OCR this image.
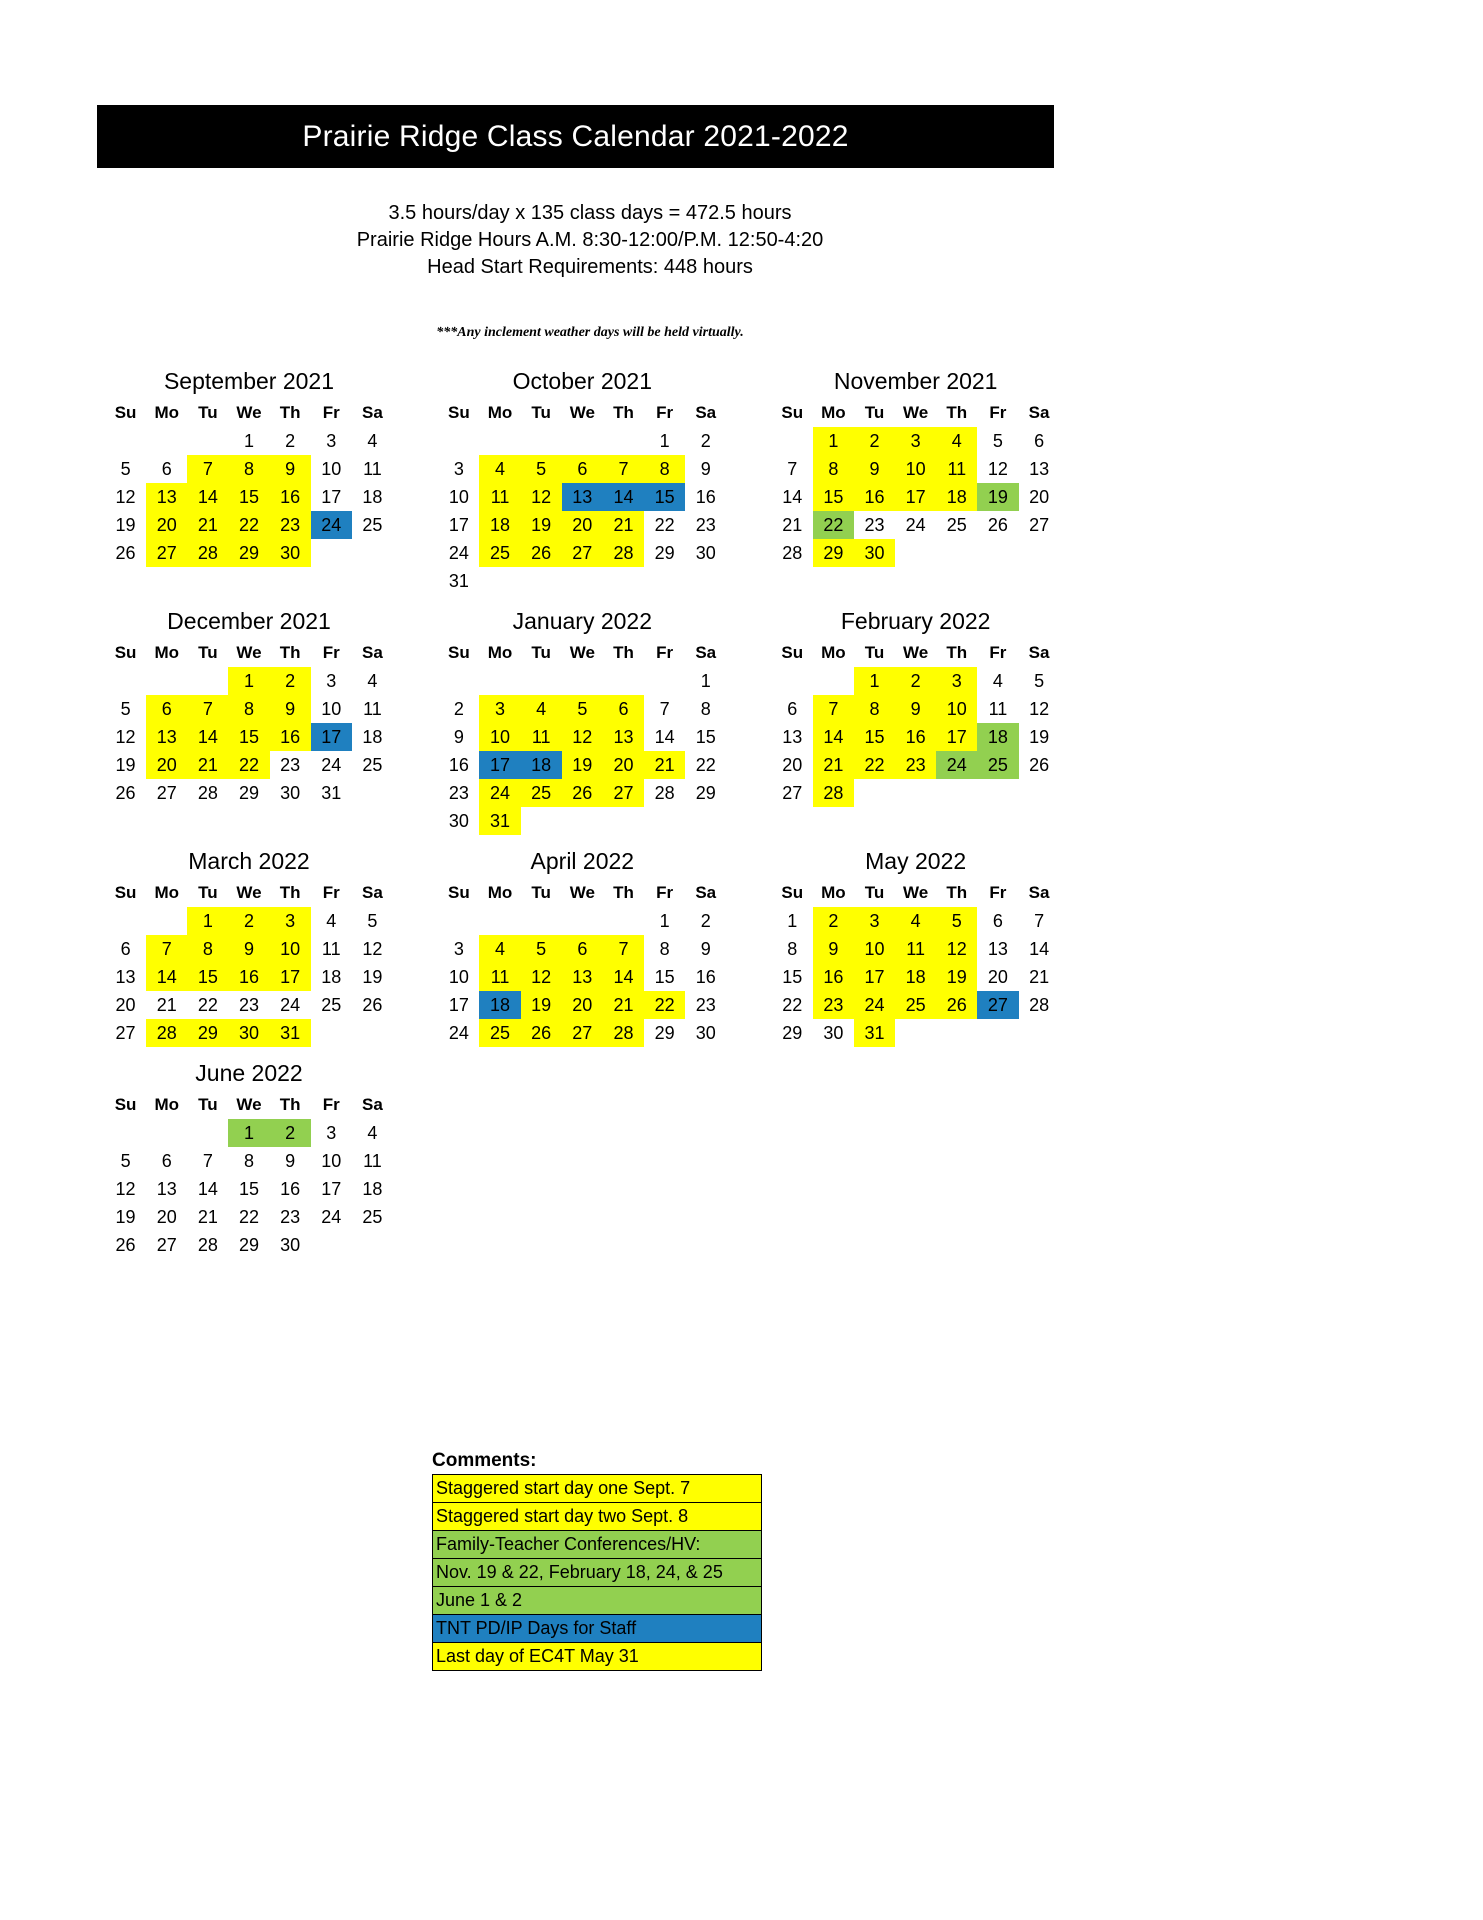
Prairie Ridge Class Calendar 2021-2022
3.5 hours/day x 135 class days = 472.5 hours
Prairie Ridge Hours A.M. 8:30-12:00/P.M. 12:50-4:20
Head Start Requirements: 448 hours
***Any inclement weather days will be held virtually.
September 2021
Su	Mo	Tu	We	Th	Fr	Sa
			1	2	3	4
5	6	7	8	9	10	11
12	13	14	15	16	17	18
19	20	21	22	23	24	25
26	27	28	29	30		
October 2021
Su	Mo	Tu	We	Th	Fr	Sa
					1	2
3	4	5	6	7	8	9
10	11	12	13	14	15	16
17	18	19	20	21	22	23
24	25	26	27	28	29	30
31						
November 2021
Su	Mo	Tu	We	Th	Fr	Sa
	1	2	3	4	5	6
7	8	9	10	11	12	13
14	15	16	17	18	19	20
21	22	23	24	25	26	27
28	29	30				
December 2021
Su	Mo	Tu	We	Th	Fr	Sa
			1	2	3	4
5	6	7	8	9	10	11
12	13	14	15	16	17	18
19	20	21	22	23	24	25
26	27	28	29	30	31	
January 2022
Su	Mo	Tu	We	Th	Fr	Sa
						1
2	3	4	5	6	7	8
9	10	11	12	13	14	15
16	17	18	19	20	21	22
23	24	25	26	27	28	29
30	31					
February 2022
Su	Mo	Tu	We	Th	Fr	Sa
		1	2	3	4	5
6	7	8	9	10	11	12
13	14	15	16	17	18	19
20	21	22	23	24	25	26
27	28					
March 2022
Su	Mo	Tu	We	Th	Fr	Sa
		1	2	3	4	5
6	7	8	9	10	11	12
13	14	15	16	17	18	19
20	21	22	23	24	25	26
27	28	29	30	31		
April 2022
Su	Mo	Tu	We	Th	Fr	Sa
					1	2
3	4	5	6	7	8	9
10	11	12	13	14	15	16
17	18	19	20	21	22	23
24	25	26	27	28	29	30
May 2022
Su	Mo	Tu	We	Th	Fr	Sa
1	2	3	4	5	6	7
8	9	10	11	12	13	14
15	16	17	18	19	20	21
22	23	24	25	26	27	28
29	30	31				
June 2022
Su	Mo	Tu	We	Th	Fr	Sa
			1	2	3	4
5	6	7	8	9	10	11
12	13	14	15	16	17	18
19	20	21	22	23	24	25
26	27	28	29	30		
Comments:
Staggered start day one Sept. 7
Staggered start day two Sept. 8
Family-Teacher Conferences/HV:
Nov. 19 & 22, February 18, 24, & 25
June 1 & 2
TNT PD/IP Days for Staff
Last day of EC4T May 31
